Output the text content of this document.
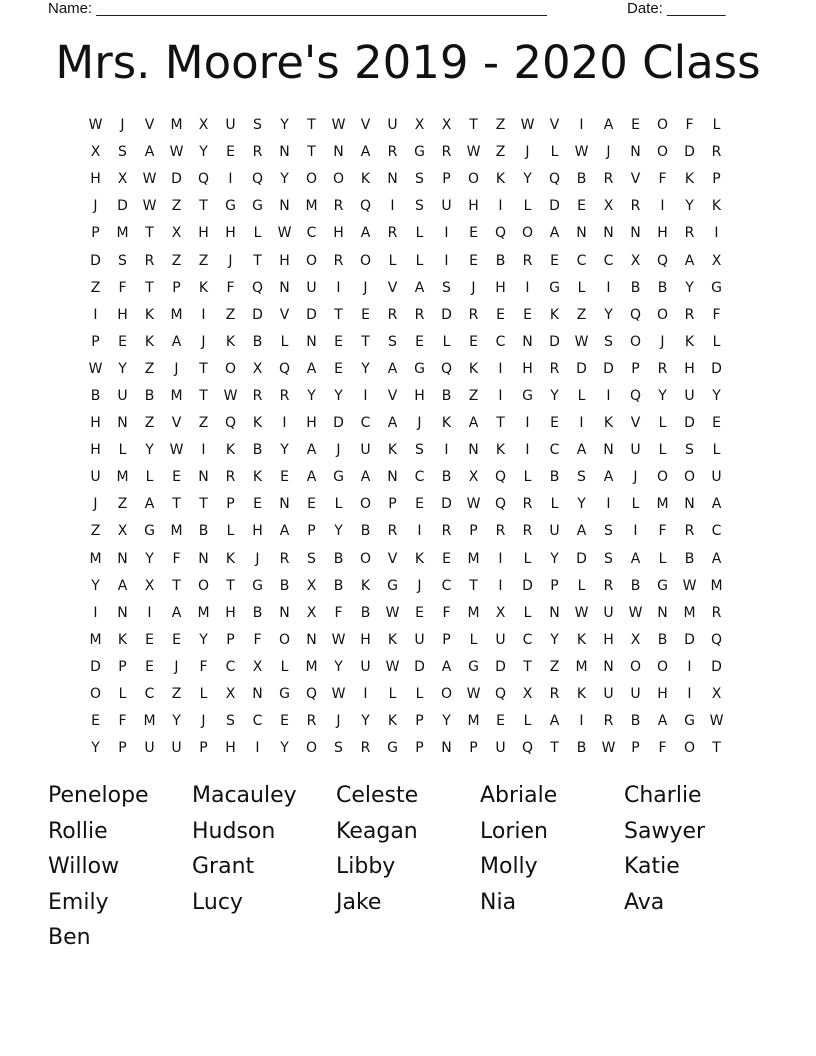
Name: ______________________________________________________	Date: _______
Mrs. Moore's 2019 - 2020 Class
W	J	V	M	X	U	S	Y	T	W	V	U	X	X	T	Z	W	V	I	A	E	O	F	L
X	S	A	W	Y	E	R	N	T	N	A	R	G	R	W	Z	J	L	W	J	N	O	D	R
H	X	W	D	Q	I	Q	Y	O	O	K	N	S	P	O	K	Y	Q	B	R	V	F	K	P
J	D	W	Z	T	G	G	N	M	R	Q	I	S	U	H	I	L	D	E	X	R	I	Y	K
P	M	T	X	H	H	L	W	C	H	A	R	L	I	E	Q	O	A	N	N	N	H	R	I
D	S	R	Z	Z	J	T	H	O	R	O	L	L	I	E	B	R	E	C	C	X	Q	A	X
Z	F	T	P	K	F	Q	N	U	I	J	V	A	S	J	H	I	G	L	I	B	B	Y	G
I	H	K	M	I	Z	D	V	D	T	E	R	R	D	R	E	E	K	Z	Y	Q	O	R	F
P	E	K	A	J	K	B	L	N	E	T	S	E	L	E	C	N	D	W	S	O	J	K	L
W	Y	Z	J	T	O	X	Q	A	E	Y	A	G	Q	K	I	H	R	D	D	P	R	H	D
B	U	B	M	T	W	R	R	Y	Y	I	V	H	B	Z	I	G	Y	L	I	Q	Y	U	Y
H	N	Z	V	Z	Q	K	I	H	D	C	A	J	K	A	T	I	E	I	K	V	L	D	E
H	L	Y	W	I	K	B	Y	A	J	U	K	S	I	N	K	I	C	A	N	U	L	S	L
U	M	L	E	N	R	K	E	A	G	A	N	C	B	X	Q	L	B	S	A	J	O	O	U
J	Z	A	T	T	P	E	N	E	L	O	P	E	D	W	Q	R	L	Y	I	L	M	N	A
Z	X	G	M	B	L	H	A	P	Y	B	R	I	R	P	R	R	U	A	S	I	F	R	C
M	N	Y	F	N	K	J	R	S	B	O	V	K	E	M	I	L	Y	D	S	A	L	B	A
Y	A	X	T	O	T	G	B	X	B	K	G	J	C	T	I	D	P	L	R	B	G	W	M
I	N	I	A	M	H	B	N	X	F	B	W	E	F	M	X	L	N	W	U	W	N	M	R
M	K	E	E	Y	P	F	O	N	W	H	K	U	P	L	U	C	Y	K	H	X	B	D	Q
D	P	E	J	F	C	X	L	M	Y	U	W	D	A	G	D	T	Z	M	N	O	O	I	D
O	L	C	Z	L	X	N	G	Q	W	I	L	L	O	W	Q	X	R	K	U	U	H	I	X
E	F	M	Y	J	S	C	E	R	J	Y	K	P	Y	M	E	L	A	I	R	B	A	G	W
Y	P	U	U	P	H	I	Y	O	S	R	G	P	N	P	U	Q	T	B	W	P	F	O	T
Penelope	Macauley	Celeste	Abriale	Charlie
Rollie	Hudson	Keagan	Lorien	Sawyer
Willow	Grant	Libby	Molly	Katie
Emily	Lucy	Jake	Nia	Ava
Ben
